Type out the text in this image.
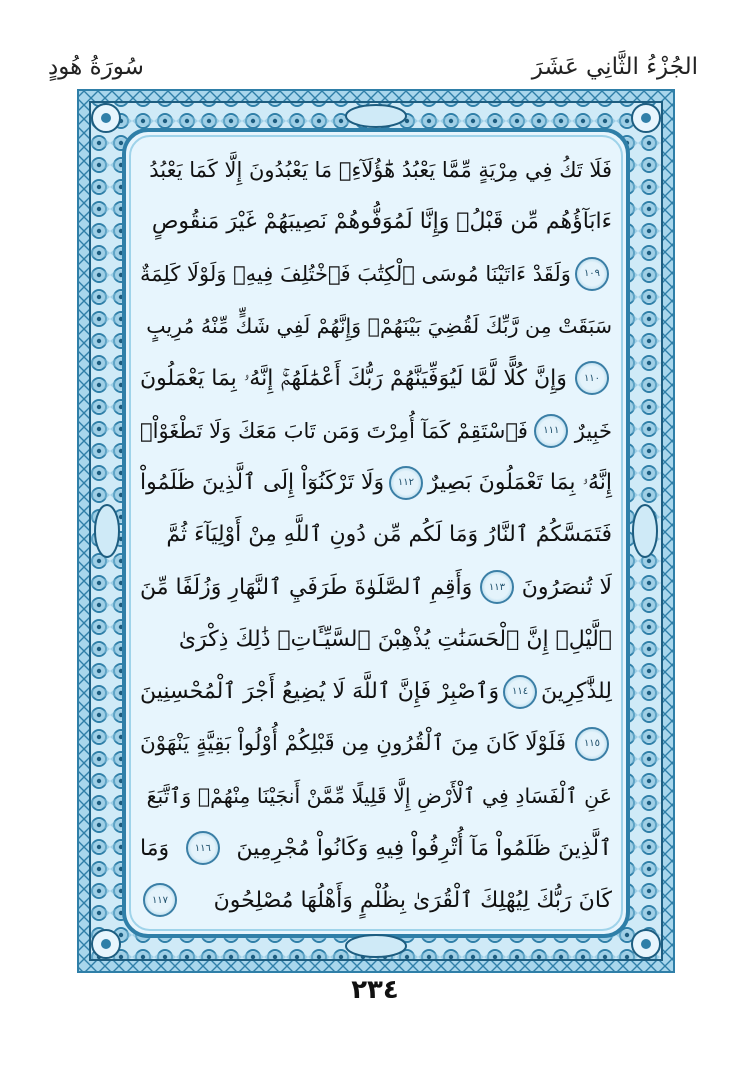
الجُزْءُ الثَّانِي عَشَرَ
سُورَةُ هُودٍ
فَلَا تَكُ فِي مِرْيَةٍ مِّمَّا يَعْبُدُ هَٰٓؤُلَآءِۚ مَا يَعْبُدُونَ إِلَّا كَمَا يَعْبُدُ
ءَابَآؤُهُم مِّن قَبْلُۚ وَإِنَّا لَمُوَفُّوهُمْ نَصِيبَهُمْ غَيْرَ مَنقُوصٍ
١٠٩
وَلَقَدْ ءَاتَيْنَا مُوسَى ٱلْكِتَٰبَ فَٱخْتُلِفَ فِيهِۚ وَلَوْلَا كَلِمَةٌ
سَبَقَتْ مِن رَّبِّكَ لَقُضِيَ بَيْنَهُمْۚ وَإِنَّهُمْ لَفِي شَكٍّ مِّنْهُ مُرِيبٍ
١١٠
وَإِنَّ كُلًّا لَّمَّا لَيُوَفِّيَنَّهُمْ رَبُّكَ أَعْمَٰلَهُمْۚ إِنَّهُۥ بِمَا يَعْمَلُونَ
خَبِيرٌ
١١١
فَٱسْتَقِمْ كَمَآ أُمِرْتَ وَمَن تَابَ مَعَكَ وَلَا تَطْغَوْاْۚ
إِنَّهُۥ بِمَا تَعْمَلُونَ بَصِيرٌ
١١٢
وَلَا تَرْكَنُوٓاْ إِلَى ٱلَّذِينَ ظَلَمُواْ
فَتَمَسَّكُمُ ٱلنَّارُ وَمَا لَكُم مِّن دُونِ ٱللَّهِ مِنْ أَوْلِيَآءَ ثُمَّ
لَا تُنصَرُونَ
١١٣
وَأَقِمِ ٱلصَّلَوٰةَ طَرَفَيِ ٱلنَّهَارِ وَزُلَفًا مِّنَ
ٱلَّيْلِۚ إِنَّ ٱلْحَسَنَٰتِ يُذْهِبْنَ ٱلسَّيِّـَٔاتِۚ ذَٰلِكَ ذِكْرَىٰ
لِلذَّٰكِرِينَ
١١٤
وَٱصْبِرْ فَإِنَّ ٱللَّهَ لَا يُضِيعُ أَجْرَ ٱلْمُحْسِنِينَ
١١٥
فَلَوْلَا كَانَ مِنَ ٱلْقُرُونِ مِن قَبْلِكُمْ أُوْلُواْ بَقِيَّةٍ يَنْهَوْنَ
عَنِ ٱلْفَسَادِ فِي ٱلْأَرْضِ إِلَّا قَلِيلًا مِّمَّنْ أَنجَيْنَا مِنْهُمْۗ وَٱتَّبَعَ
ٱلَّذِينَ ظَلَمُواْ مَآ أُتْرِفُواْ فِيهِ وَكَانُواْ مُجْرِمِينَ
١١٦
وَمَا
كَانَ رَبُّكَ لِيُهْلِكَ ٱلْقُرَىٰ بِظُلْمٍ وَأَهْلُهَا مُصْلِحُونَ
١١٧
٢٣٤
